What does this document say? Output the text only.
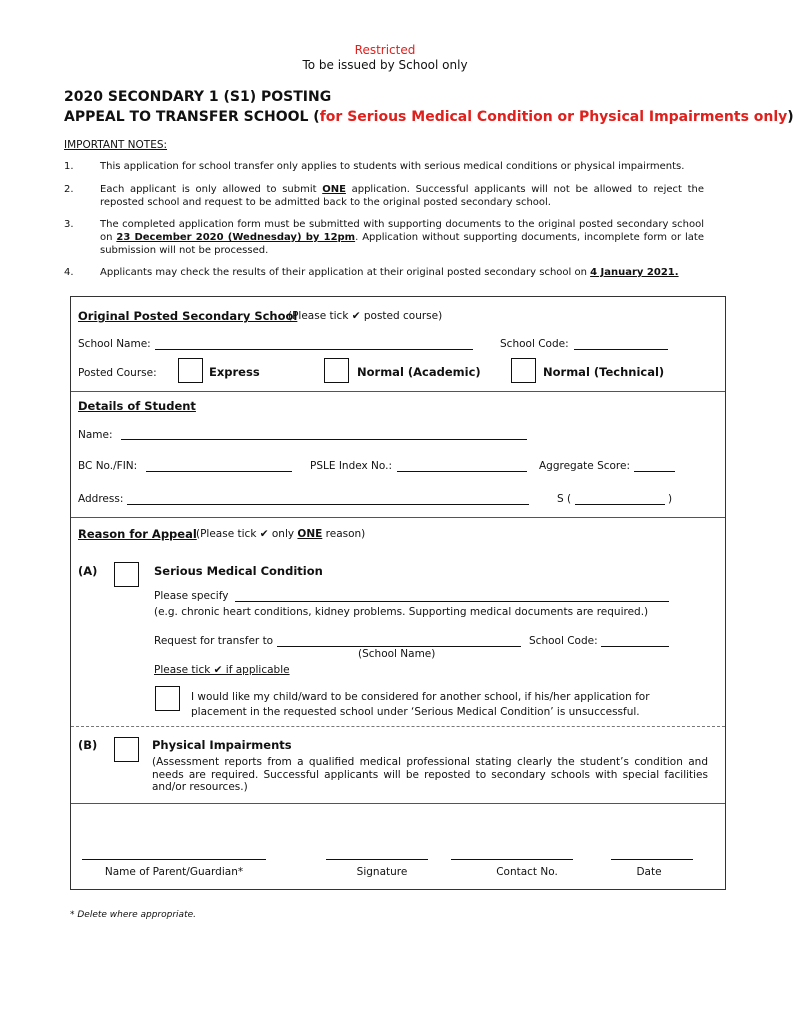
Restricted
To be issued by School only
2020 SECONDARY 1 (S1) POSTING
APPEAL TO TRANSFER SCHOOL (for Serious Medical Condition or Physical Impairments only)
IMPORTANT NOTES:
1.	This application for school transfer only applies to students with serious medical conditions or physical impairments.
2.	Each applicant is only allowed to submit ONE application. Successful applicants will not be allowed to reject the reposted school and request to be admitted back to the original posted secondary school.
3.	The completed application form must be submitted with supporting documents to the original posted secondary school on 23 December 2020 (Wednesday) by 12pm. Application without supporting documents, incomplete form or late submission will not be processed.
4.	Applicants may check the results of their application at their original posted secondary school on 4 January 2021.
Original Posted Secondary School
(Please tick ✔ posted course)
School Name:	School Code:
Posted Course:	Express	Normal (Academic)	Normal (Technical)
Details of Student
Name:
BC No./FIN:	PSLE Index No.:	Aggregate Score:
Address:	S (	)
Reason for Appeal (Please tick ✔ only ONE reason)
(A)	Serious Medical Condition
Please specify
(e.g. chronic heart conditions, kidney problems. Supporting medical documents are required.)
Request for transfer to	School Code:
(School Name)
Please tick ✔ if applicable
I would like my child/ward to be considered for another school, if his/her application for placement in the requested school under ‘Serious Medical Condition’ is unsuccessful.
(B)	Physical Impairments
(Assessment reports from a qualified medical professional stating clearly the student’s condition and needs are required. Successful applicants will be reposted to secondary schools with special facilities and/or resources.)
Name of Parent/Guardian*	Signature	Contact No.	Date
* Delete where appropriate.
